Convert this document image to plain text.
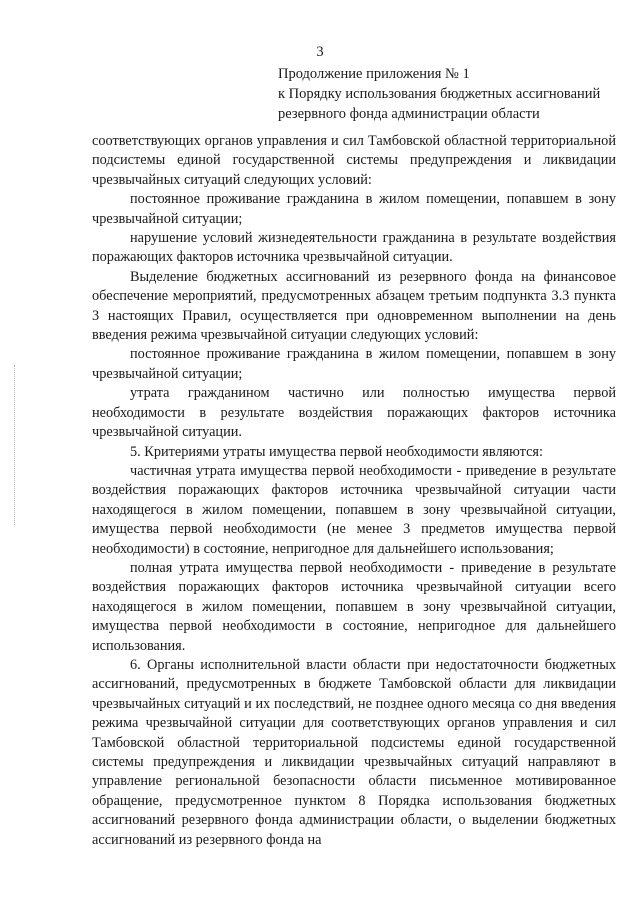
3
Продолжение приложения № 1
к Порядку использования бюджетных ассигнований
резервного фонда администрации области

соответствующих органов управления и сил Тамбовской областной территориальной подсистемы единой государственной системы предупреждения и ликвидации чрезвычайных ситуаций следующих условий:

постоянное проживание гражданина в жилом помещении, попавшем в зону чрезвычайной ситуации;

нарушение условий жизнедеятельности гражданина в результате воздействия поражающих факторов источника чрезвычайной ситуации.

Выделение бюджетных ассигнований из резервного фонда на финансовое обеспечение мероприятий, предусмотренных абзацем третьим подпункта 3.3 пункта 3 настоящих Правил, осуществляется при одновременном выполнении на день введения режима чрезвычайной ситуации следующих условий:

постоянное проживание гражданина в жилом помещении, попавшем в зону чрезвычайной ситуации;

утрата гражданином частично или полностью имущества первой необходимости в результате воздействия поражающих факторов источника чрезвычайной ситуации.

5. Критериями утраты имущества первой необходимости являются:

частичная утрата имущества первой необходимости - приведение в результате воздействия поражающих факторов источника чрезвычайной ситуации части находящегося в жилом помещении, попавшем в зону чрезвычайной ситуации, имущества первой необходимости (не менее 3 предметов имущества первой необходимости) в состояние, непригодное для дальнейшего использования;

полная утрата имущества первой необходимости - приведение в результате воздействия поражающих факторов источника чрезвычайной ситуации всего находящегося в жилом помещении, попавшем в зону чрезвычайной ситуации, имущества первой необходимости в состояние, непригодное для дальнейшего использования.

6. Органы исполнительной власти области при недостаточности бюджетных ассигнований, предусмотренных в бюджете Тамбовской области для ликвидации чрезвычайных ситуаций и их последствий, не позднее одного месяца со дня введения режима чрезвычайной ситуации для соответствующих органов управления и сил Тамбовской областной территориальной подсистемы единой государственной системы предупреждения и ликвидации чрезвычайных ситуаций направляют в управление региональной безопасности области письменное мотивированное обращение, предусмотренное пунктом 8 Порядка использования бюджетных ассигнований резервного фонда администрации области, о выделении бюджетных ассигнований из резервного фонда на
